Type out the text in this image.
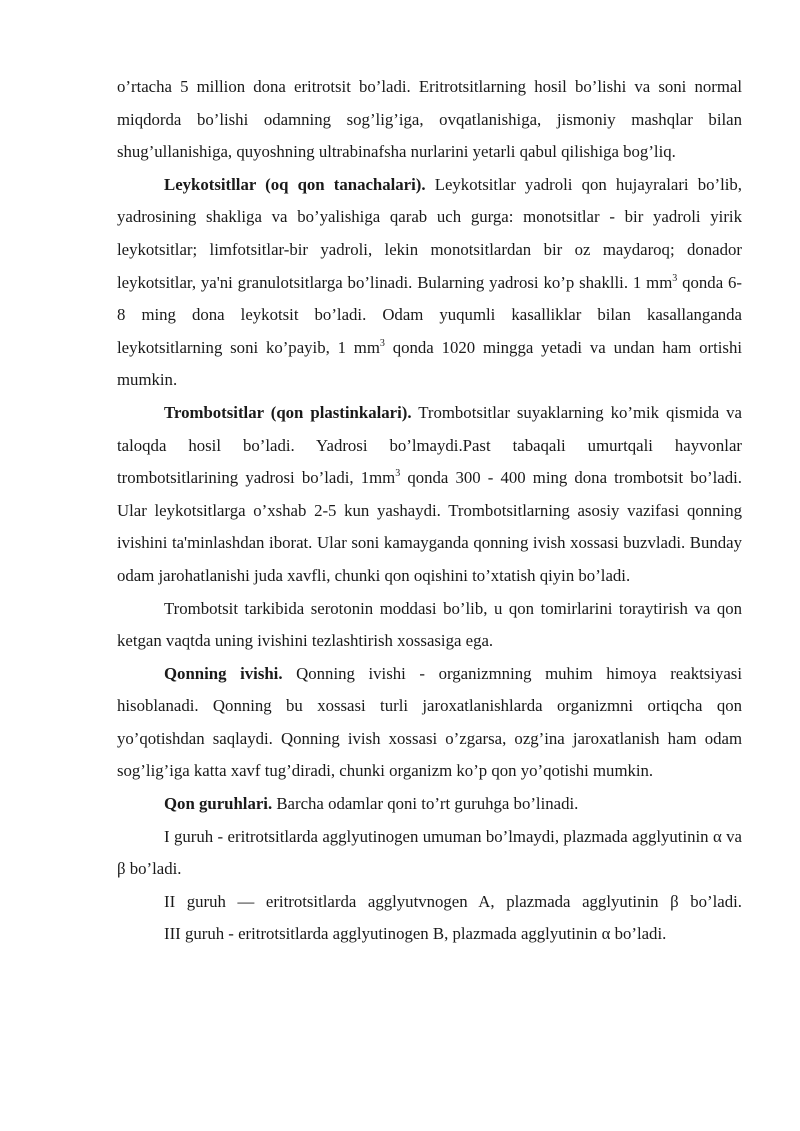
o’rtacha 5 million dona eritrotsit bo’ladi. Eritrotsitlarning hosil bo’lishi va soni normal miqdorda bo’lishi odamning sog’lig’iga, ovqatlanishiga, jismoniy mashqlar bilan shug’ullanishiga, quyoshning ultrabinafsha nurlarini yetarli qabul qilishiga bog’liq.

Leykotsitllar (oq qon tanachalari). Leykotsitlar yadroli qon hujayralari bo’lib, yadrosining shakliga va bo’yalishiga qarab uch gurga: monotsitlar - bir yadroli yirik leykotsitlar; limfotsitlar-bir yadroli, lekin monotsitlardan bir oz maydaroq; donador leykotsitlar, ya'ni granulotsitlarga bo’linadi. Bularning yadrosi ko’p shaklli. 1 $mm^3$ qonda 6-8 ming dona leykotsit bo’ladi. Odam yuqumli kasalliklar bilan kasallanganda leykotsitlarning soni ko’payib, 1 $mm^3$ qonda 1020 mingga yetadi va undan ham ortishi mumkin.

Trombotsitlar (qon plastinkalari). Trombotsitlar suyaklarning ko’mik qismida va taloqda hosil bo’ladi. Yadrosi bo’lmaydi.Past tabaqali umurtqali hayvonlar trombotsitlarining yadrosi bo’ladi, $1mm^3$ qonda 300 - 400 ming dona trombotsit bo’ladi. Ular leykotsitlarga o’xshab 2-5 kun yashaydi. Trombotsitlarning asosiy vazifasi qonning ivishini ta'minlashdan iborat. Ular soni kamayganda qonning ivish xossasi buzvladi. Bunday odam jarohatlanishi juda xavfli, chunki qon oqishini to’xtatish qiyin bo’ladi.

Trombotsit tarkibida serotonin moddasi bo’lib, u qon tomirlarini toraytirish va qon ketgan vaqtda uning ivishini tezlashtirish xossasiga ega.

Qonning ivishi. Qonning ivishi - organizmning muhim himoya reaktsiyasi hisoblanadi. Qonning bu xossasi turli jaroxatlanishlarda organizmni ortiqcha qon yo’qotishdan saqlaydi. Qonning ivish xossasi o’zgarsa, ozg’ina jaroxatlanish ham odam sog’lig’iga katta xavf tug’diradi, chunki organizm ko’p qon yo’qotishi mumkin.

Qon guruhlari. Barcha odamlar qoni to’rt guruhga bo’linadi.

I guruh - eritrotsitlarda agglyutinogen umuman bo’lmaydi, plazmada agglyutinin α va β bo’ladi.

II guruh — eritrotsitlarda agglyutvnogen A, plazmada agglyutinin β bo’ladi.

III guruh - eritrotsitlarda agglyutinogen B, plazmada agglyutinin α bo’ladi.
